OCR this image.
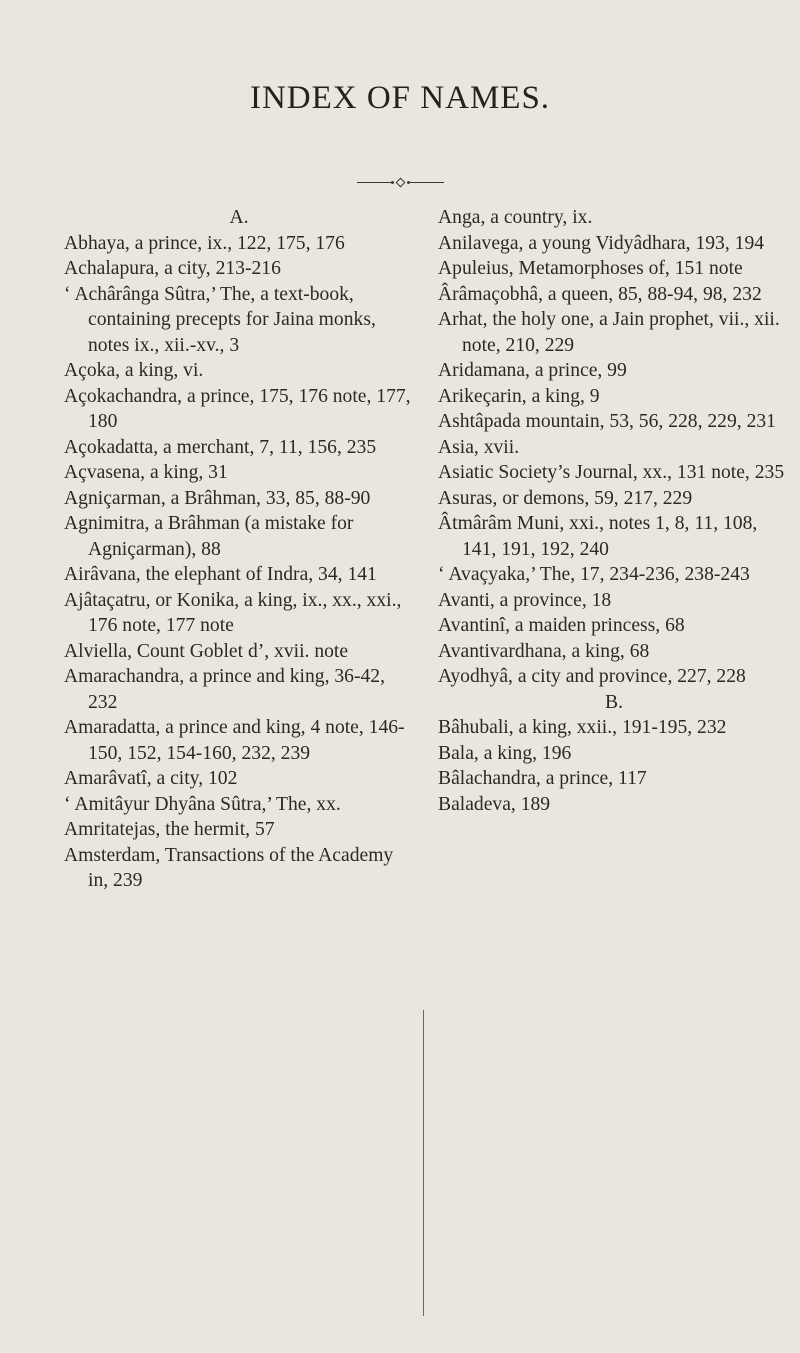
INDEX OF NAMES.
A.

Abhaya, a prince, ix., 122, 175, 176

Achalapura, a city, 213-216

‘ Achârânga Sûtra,’ The, a text-book, containing precepts for Jaina monks, notes ix., xii.-xv., 3

Açoka, a king, vi.

Açokachandra, a prince, 175, 176 note, 177, 180

Açokadatta, a merchant, 7, 11, 156, 235

Açvasena, a king, 31

Agniçarman, a Brâhman, 33, 85, 88-90

Agnimitra, a Brâhman (a mistake for Agniçarman), 88

Airâvana, the elephant of Indra, 34, 141

Ajâtaçatru, or Konika, a king, ix., xx., xxi., 176 note, 177 note

Alviella, Count Goblet d’, xvii. note

Amarachandra, a prince and king, 36-42, 232

Amaradatta, a prince and king, 4 note, 146-150, 152, 154-160, 232, 239

Amarâvatî, a city, 102

‘ Amitâyur Dhyâna Sûtra,’ The, xx.

Amritatejas, the hermit, 57

Amsterdam, Transactions of the Academy in, 239

Anga, a country, ix.

Anilavega, a young Vidyâdhara, 193, 194

Apuleius, Metamorphoses of, 151 note

Ârâmaçobhâ, a queen, 85, 88-94, 98, 232

Arhat, the holy one, a Jain prophet, vii., xii. note, 210, 229

Aridamana, a prince, 99

Arikeçarin, a king, 9

Ashtâpada mountain, 53, 56, 228, 229, 231

Asia, xvii.

Asiatic Society’s Journal, xx., 131 note, 235

Asuras, or demons, 59, 217, 229

Âtmârâm Muni, xxi., notes 1, 8, 11, 108, 141, 191, 192, 240

‘ Avaçyaka,’ The, 17, 234-236, 238-243

Avanti, a province, 18

Avantinî, a maiden princess, 68

Avantivardhana, a king, 68

Ayodhyâ, a city and province, 227, 228

B.

Bâhubali, a king, xxii., 191-195, 232

Bala, a king, 196

Bâlachandra, a prince, 117

Baladeva, 189
